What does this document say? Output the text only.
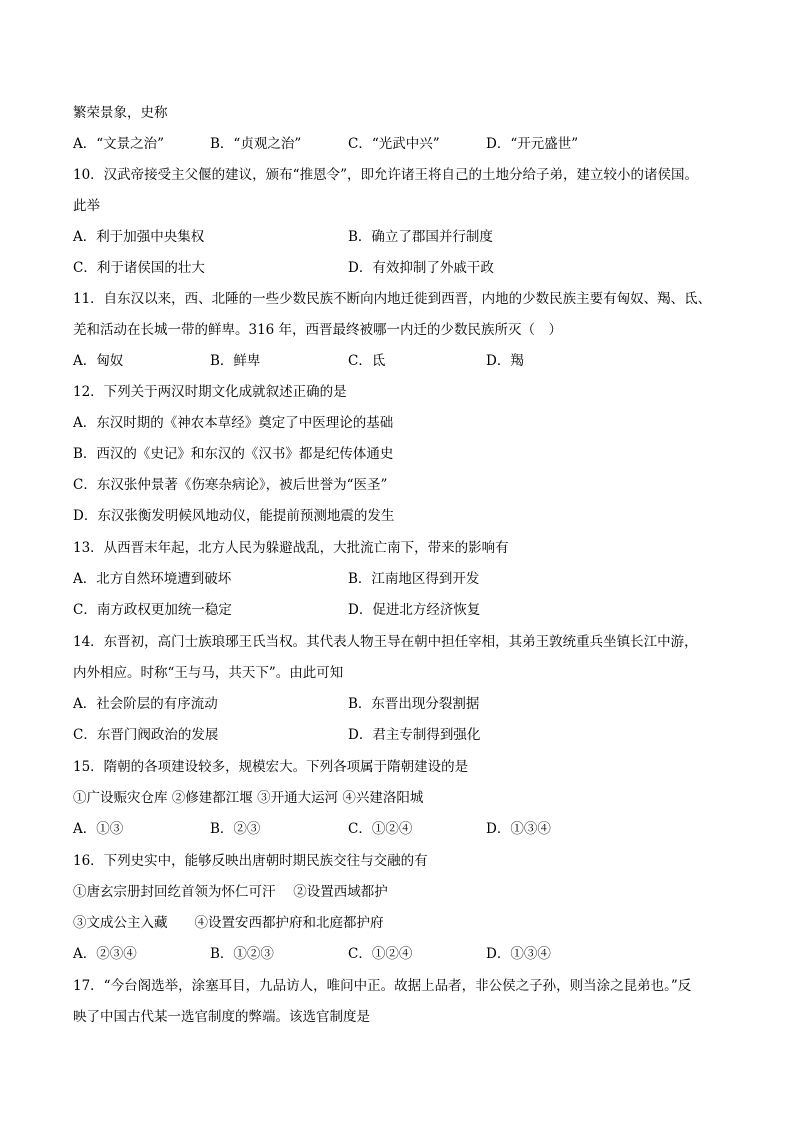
繁荣景象，史称
A．“文景之治”	B．“贞观之治”	C．“光武中兴”	D．“开元盛世”
10．汉武帝接受主父偃的建议，颁布“推恩令”，即允许诸王将自己的土地分给子弟，建立较小的诸侯国。
此举
A．利于加强中央集权	B．确立了郡国并行制度
C．利于诸侯国的壮大	D．有效抑制了外戚干政
11．自东汉以来，西、北陲的一些少数民族不断向内地迁徙到西晋，内地的少数民族主要有匈奴、羯、氐、
羌和活动在长城一带的鲜卑。316 年，西晋最终被哪一内迁的少数民族所灭（　）
A．匈奴	B．鲜卑	C．氐	D．羯
12．下列关于两汉时期文化成就叙述正确的是
A．东汉时期的《神农本草经》奠定了中医理论的基础
B．西汉的《史记》和东汉的《汉书》都是纪传体通史
C．东汉张仲景著《伤寒杂病论》，被后世誉为“医圣”
D．东汉张衡发明候风地动仪，能提前预测地震的发生
13．从西晋末年起，北方人民为躲避战乱，大批流亡南下，带来的影响有
A．北方自然环境遭到破坏	B．江南地区得到开发
C．南方政权更加统一稳定	D．促进北方经济恢复
14．东晋初，高门士族琅琊王氏当权。其代表人物王导在朝中担任宰相，其弟王敦统重兵坐镇长江中游，
内外相应。时称“王与马，共天下”。由此可知
A．社会阶层的有序流动	B．东晋出现分裂割据
C．东晋门阀政治的发展	D．君主专制得到强化
15．隋朝的各项建设较多，规模宏大。下列各项属于隋朝建设的是
①广设赈灾仓库 ②修建都江堰 ③开通大运河 ④兴建洛阳城
A．①③	B．②③	C．①②④	D．①③④
16．下列史实中，能够反映出唐朝时期民族交往与交融的有
①唐玄宗册封回纥首领为怀仁可汗　 ②设置西域都护
③文成公主入藏　　④设置安西都护府和北庭都护府
A．②③④	B．①②③	C．①②④	D．①③④
17．“今台阁选举，涂塞耳目，九品访人，唯问中正。故据上品者，非公侯之子孙，则当涂之昆弟也。”反
映了中国古代某一选官制度的弊端。该选官制度是
